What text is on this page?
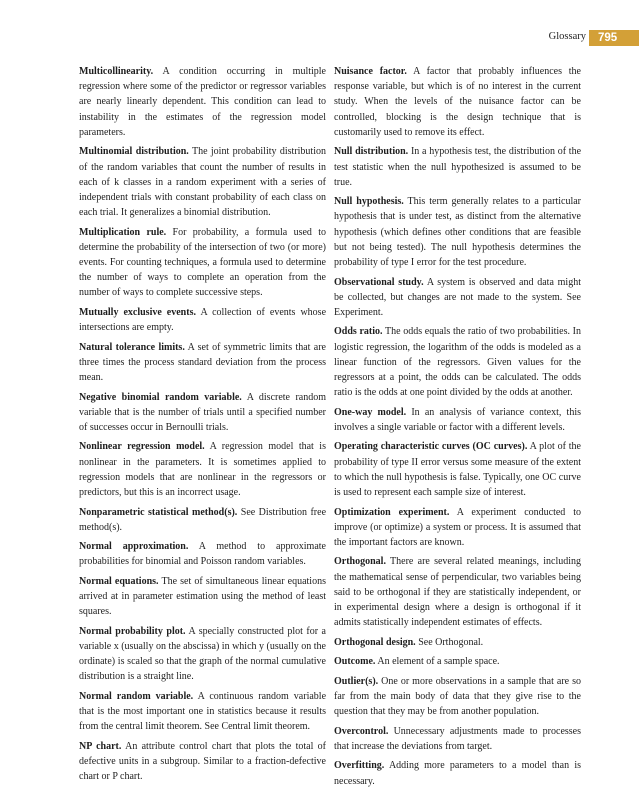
Glossary	795

Multicollinearity. A condition occurring in multiple regression where some of the predictor or regressor variables are nearly linearly dependent. This condition can lead to instability in the estimates of the regression model parameters.

Multinomial distribution. The joint probability distribution of the random variables that count the number of results in each of k classes in a random experiment with a series of independent trials with constant probability of each class on each trial. It generalizes a binomial distribution.

Multiplication rule. For probability, a formula used to determine the probability of the intersection of two (or more) events. For counting techniques, a formula used to determine the number of ways to complete an operation from the number of ways to complete successive steps.

Mutually exclusive events. A collection of events whose intersections are empty.

Natural tolerance limits. A set of symmetric limits that are three times the process standard deviation from the process mean.

Negative binomial random variable. A discrete random variable that is the number of trials until a specified number of successes occur in Bernoulli trials.

Nonlinear regression model. A regression model that is nonlinear in the parameters. It is sometimes applied to regression models that are nonlinear in the regressors or predictors, but this is an incorrect usage.

Nonparametric statistical method(s). See Distribution free method(s).

Normal approximation. A method to approximate probabilities for binomial and Poisson random variables.

Normal equations. The set of simultaneous linear equations arrived at in parameter estimation using the method of least squares.

Normal probability plot. A specially constructed plot for a variable x (usually on the abscissa) in which y (usually on the ordinate) is scaled so that the graph of the normal cumulative distribution is a straight line.

Normal random variable. A continuous random variable that is the most important one in statistics because it results from the central limit theorem. See Central limit theorem.

NP chart. An attribute control chart that plots the total of defective units in a subgroup. Similar to a fraction-defective chart or P chart.

Nuisance factor. A factor that probably influences the response variable, but which is of no interest in the current study. When the levels of the nuisance factor can be controlled, blocking is the design technique that is customarily used to remove its effect.

Null distribution. In a hypothesis test, the distribution of the test statistic when the null hypothesized is assumed to be true.

Null hypothesis. This term generally relates to a particular hypothesis that is under test, as distinct from the alternative hypothesis (which defines other conditions that are feasible but not being tested). The null hypothesis determines the probability of type I error for the test procedure.

Observational study. A system is observed and data might be collected, but changes are not made to the system. See Experiment.

Odds ratio. The odds equals the ratio of two probabilities. In logistic regression, the logarithm of the odds is modeled as a linear function of the regressors. Given values for the regressors at a point, the odds can be calculated. The odds ratio is the odds at one point divided by the odds at another.

One-way model. In an analysis of variance context, this involves a single variable or factor with a different levels.

Operating characteristic curves (OC curves). A plot of the probability of type II error versus some measure of the extent to which the null hypothesis is false. Typically, one OC curve is used to represent each sample size of interest.

Optimization experiment. A experiment conducted to improve (or optimize) a system or process. It is assumed that the important factors are known.

Orthogonal. There are several related meanings, including the mathematical sense of perpendicular, two variables being said to be orthogonal if they are statistically independent, or in experimental design where a design is orthogonal if it admits statistically independent estimates of effects.

Orthogonal design. See Orthogonal.

Outcome. An element of a sample space.

Outlier(s). One or more observations in a sample that are so far from the main body of data that they give rise to the question that they may be from another population.

Overcontrol. Unnecessary adjustments made to processes that increase the deviations from target.

Overfitting. Adding more parameters to a model than is necessary.
